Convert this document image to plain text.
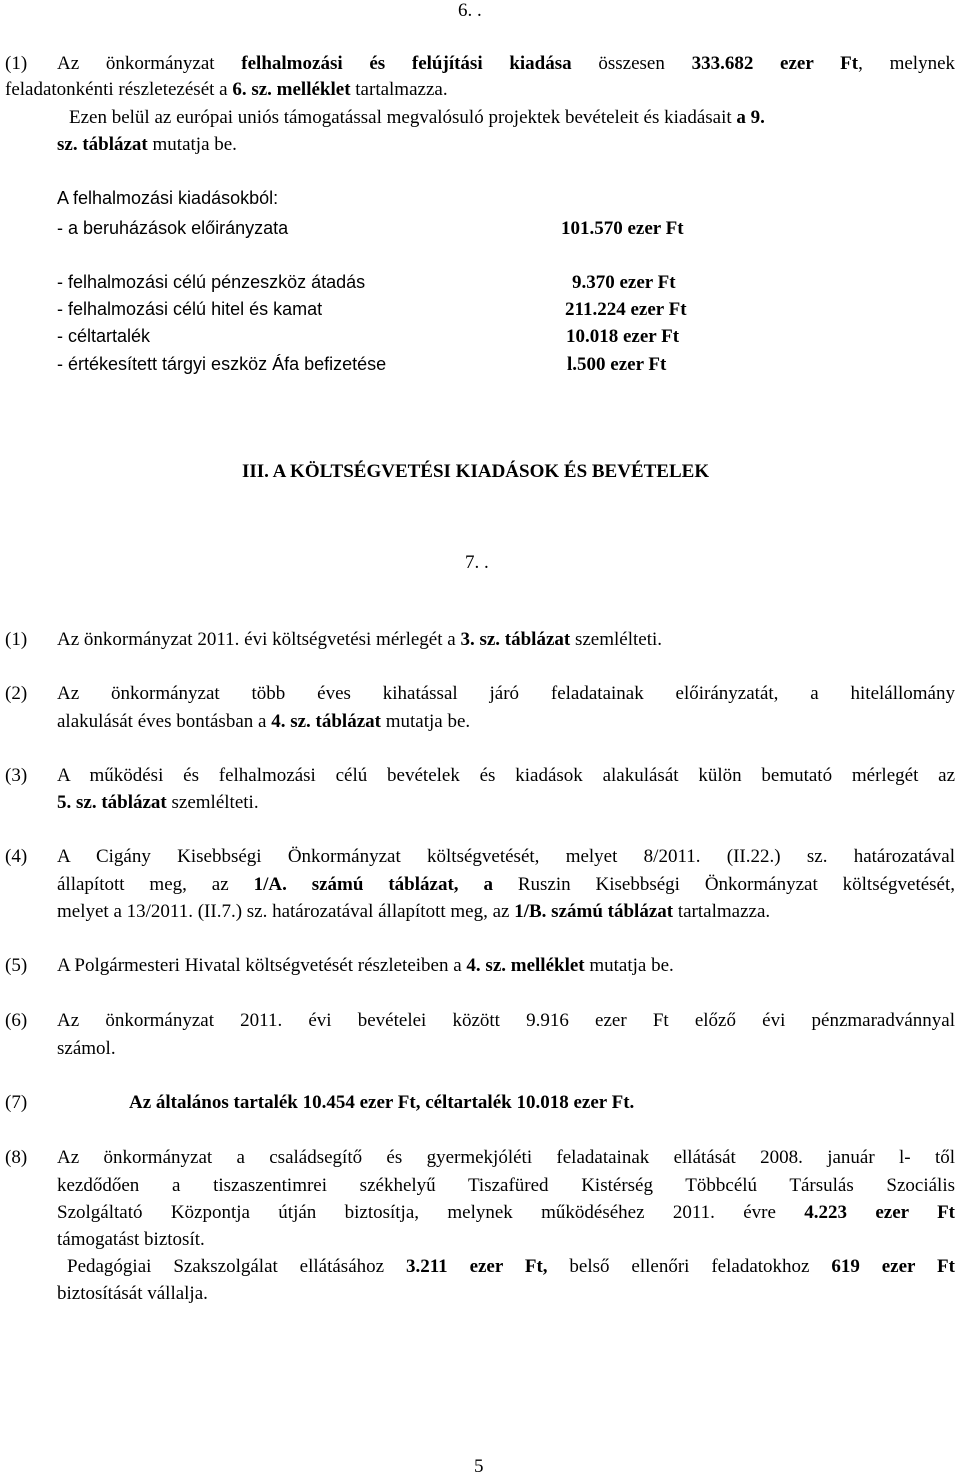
6. .
(1) Az önkormányzat felhalmozási és felújítási kiadása összesen 333.682 ezer Ft, melynek
feladatonkénti részletezését a 6. sz. melléklet tartalmazza.
Ezen belül az európai uniós támogatással megvalósuló projektek bevételeit és kiadásait a 9.
sz. táblázat mutatja be.
A felhalmozási kiadásokból:
- a beruházások előirányzata	101.570 ezer Ft
- felhalmozási célú pénzeszköz átadás	9.370 ezer Ft
- felhalmozási célú hitel és kamat	211.224 ezer Ft
- céltartalék	10.018 ezer Ft
- értékesített tárgyi eszköz Áfa befizetése	l.500 ezer Ft
III. A KÖLTSÉGVETÉSI KIADÁSOK ÉS BEVÉTELEK
7. .
(1) Az önkormányzat 2011. évi költségvetési mérlegét a 3. sz. táblázat szemlélteti.
(2) Az önkormányzat több éves kihatással járó feladatainak előirányzatát, a hitelállomány
alakulását éves bontásban a 4. sz. táblázat mutatja be.
(3) A működési és felhalmozási célú bevételek és kiadások alakulását külön bemutató mérlegét az
5. sz. táblázat szemlélteti.
(4) A Cigány Kisebbségi Önkormányzat költségvetését, melyet 8/2011. (II.22.) sz. határozatával
állapított meg, az 1/A. számú táblázat, a Ruszin Kisebbségi Önkormányzat költségvetését,
melyet a 13/2011. (II.7.) sz. határozatával állapított meg, az 1/B. számú táblázat tartalmazza.
(5) A Polgármesteri Hivatal költségvetését részleteiben a 4. sz. melléklet mutatja be.
(6) Az önkormányzat 2011. évi bevételei között 9.916 ezer Ft előző évi pénzmaradvánnyal
számol.
(7)	Az általános tartalék 10.454 ezer Ft, céltartalék 10.018 ezer Ft.
(8) Az önkormányzat a családsegítő és gyermekjóléti feladatainak ellátását 2008. január l- től
kezdődően a tiszaszentimrei székhelyű Tiszafüred Kistérség Többcélú Társulás Szociális
Szolgáltató Központja útján biztosítja, melynek működéséhez 2011. évre 4.223 ezer Ft
támogatást biztosít.
Pedagógiai Szakszolgálat ellátásához 3.211 ezer Ft, belső ellenőri feladatokhoz 619 ezer Ft
biztosítását vállalja.
5
